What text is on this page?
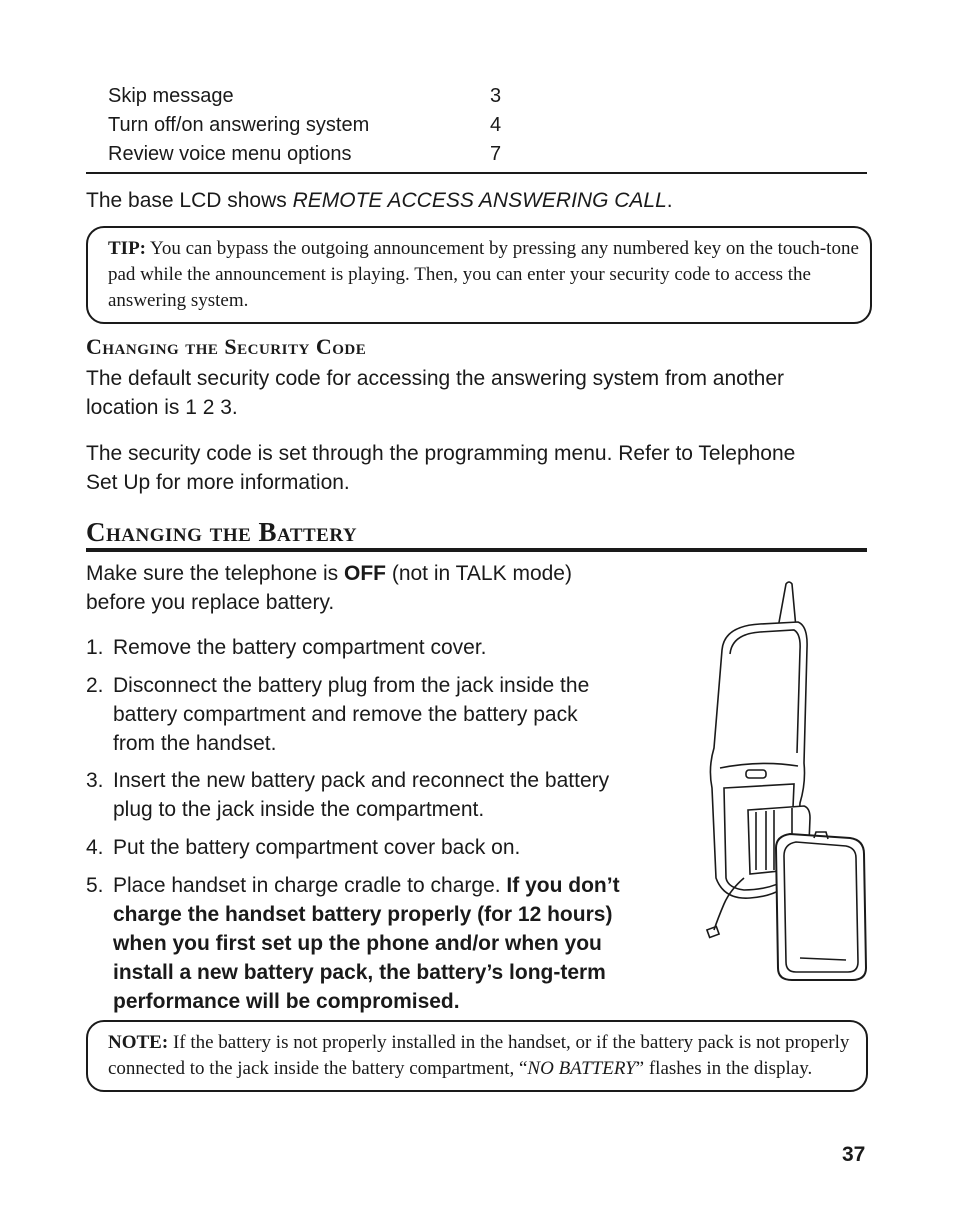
Skip message	3
Turn off/on answering system	4
Review voice menu options	7
The base LCD shows REMOTE ACCESS ANSWERING CALL.
TIP: You can bypass the outgoing announcement by pressing any numbered key on the touch-tone pad while the announcement is playing. Then, you can enter your security code to access the answering system.
Changing the Security Code
The default security code for accessing the answering system from another location is 1 2 3.
The security code is set through the programming menu. Refer to Telephone Set Up for more information.
Changing the Battery
Make sure the telephone is OFF (not in TALK mode)
before you replace battery.
1. Remove the battery compartment cover.
2. Disconnect the battery plug from the jack inside the
battery compartment and remove the battery pack
from the handset.
3. Insert the new battery pack and reconnect the battery
plug to the jack inside the compartment.
4. Put the battery compartment cover back on.
5. Place handset in charge cradle to charge. If you don’t
charge the handset battery properly (for 12 hours)
when you first set up the phone and/or when you
install a new battery pack, the battery’s long-term
performance will be compromised.
NOTE: If the battery is not properly installed in the handset, or if the battery pack is not properly connected to the jack inside the battery compartment, “NO BATTERY” flashes in the display.
37
